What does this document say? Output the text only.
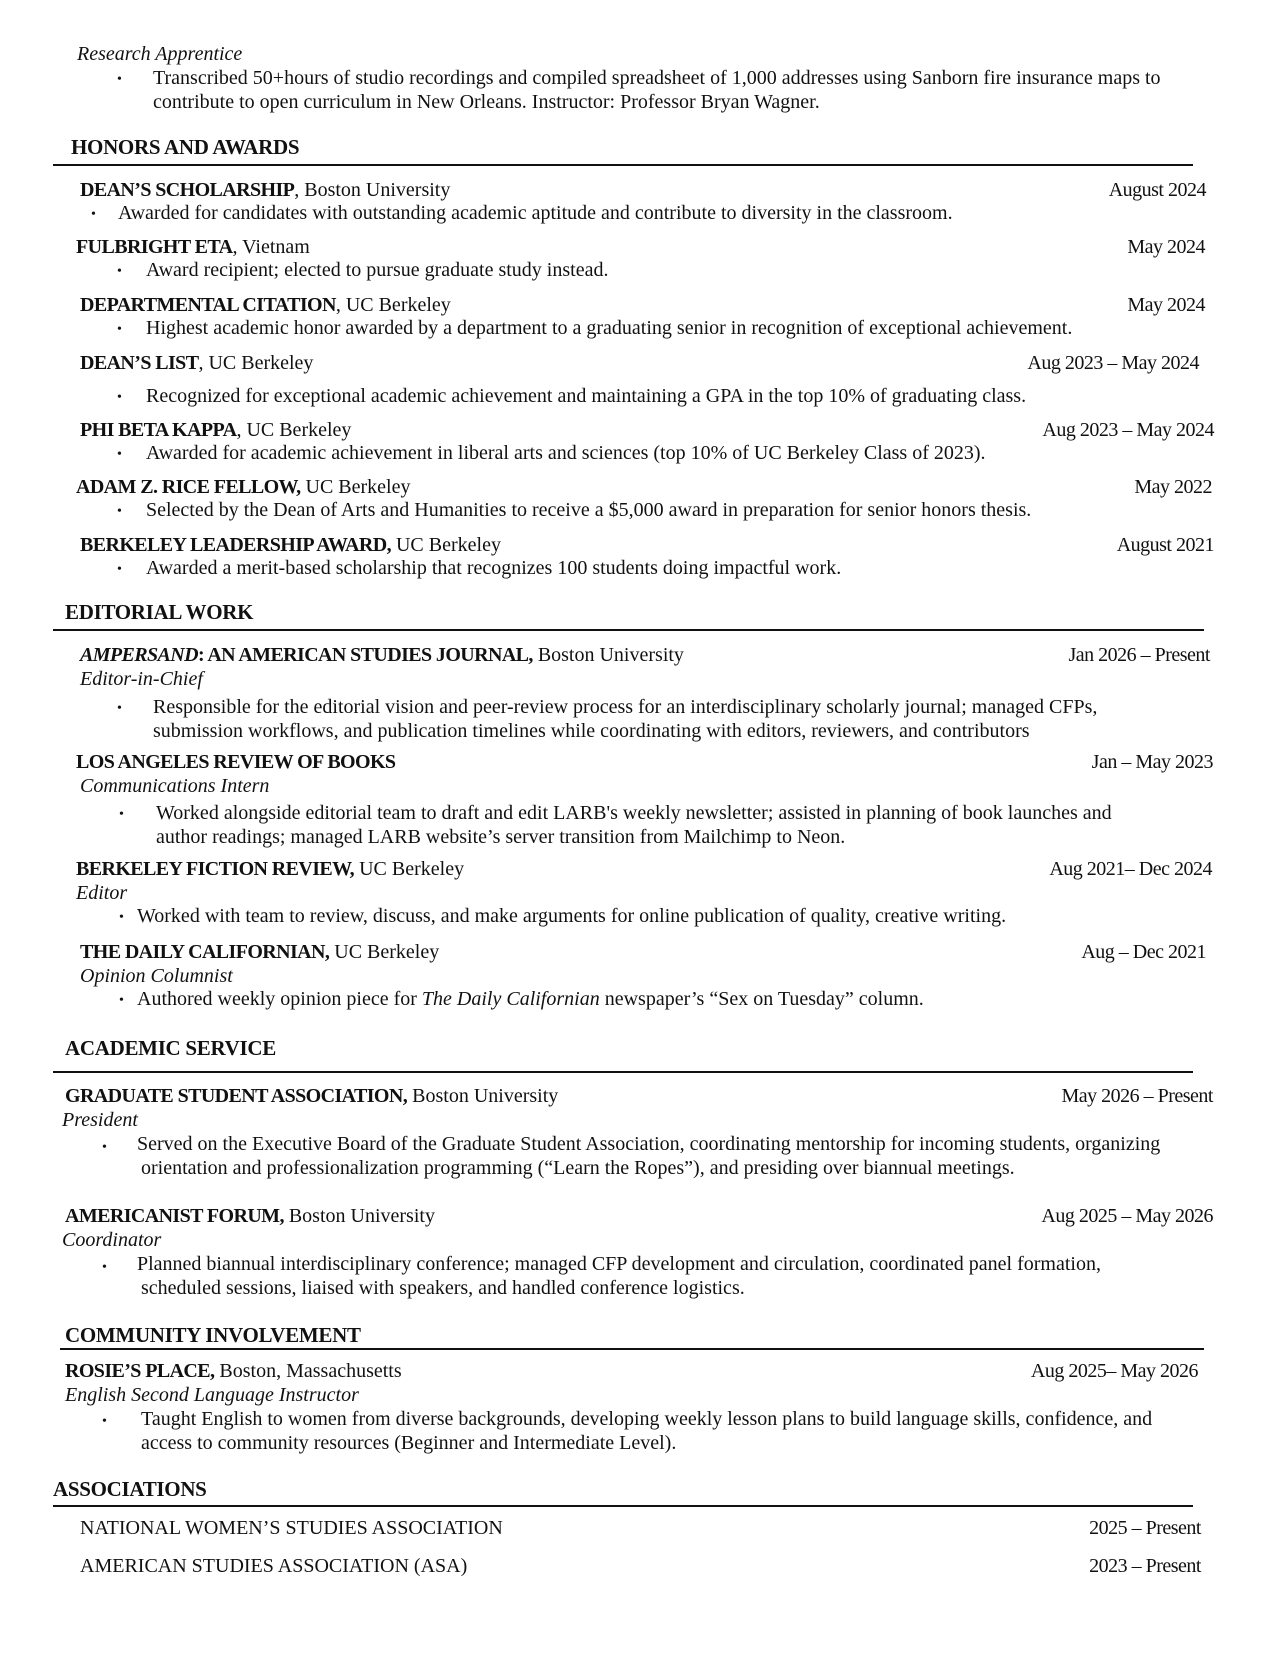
Research Apprentice
• Transcribed 50+hours of studio recordings and compiled spreadsheet of 1,000 addresses using Sanborn fire insurance maps to
contribute to open curriculum in New Orleans. Instructor: Professor Bryan Wagner.
HONORS AND AWARDS
DEAN’S SCHOLARSHIP, Boston University	August 2024
• Awarded for candidates with outstanding academic aptitude and contribute to diversity in the classroom.
FULBRIGHT ETA, Vietnam	May 2024
• Award recipient; elected to pursue graduate study instead.
DEPARTMENTAL CITATION, UC Berkeley	May 2024
• Highest academic honor awarded by a department to a graduating senior in recognition of exceptional achievement.
DEAN’S LIST, UC Berkeley	Aug 2023 – May 2024
• Recognized for exceptional academic achievement and maintaining a GPA in the top 10% of graduating class.
PHI BETA KAPPA, UC Berkeley	Aug 2023 – May 2024
• Awarded for academic achievement in liberal arts and sciences (top 10% of UC Berkeley Class of 2023).
ADAM Z. RICE FELLOW, UC Berkeley	May 2022
• Selected by the Dean of Arts and Humanities to receive a $5,000 award in preparation for senior honors thesis.
BERKELEY LEADERSHIP AWARD, UC Berkeley	August 2021
• Awarded a merit-based scholarship that recognizes 100 students doing impactful work.
EDITORIAL WORK
AMPERSAND: AN AMERICAN STUDIES JOURNAL, Boston University	Jan 2026 – Present
Editor-in-Chief
• Responsible for the editorial vision and peer-review process for an interdisciplinary scholarly journal; managed CFPs,
submission workflows, and publication timelines while coordinating with editors, reviewers, and contributors
LOS ANGELES REVIEW OF BOOKS	Jan – May 2023
Communications Intern
• Worked alongside editorial team to draft and edit LARB's weekly newsletter; assisted in planning of book launches and
author readings; managed LARB website’s server transition from Mailchimp to Neon.
BERKELEY FICTION REVIEW, UC Berkeley	Aug 2021– Dec 2024
Editor
• Worked with team to review, discuss, and make arguments for online publication of quality, creative writing.
THE DAILY CALIFORNIAN, UC Berkeley	Aug – Dec 2021
Opinion Columnist
• Authored weekly opinion piece for The Daily Californian newspaper’s “Sex on Tuesday” column.
ACADEMIC SERVICE
GRADUATE STUDENT ASSOCIATION, Boston University	May 2026 – Present
President
• Served on the Executive Board of the Graduate Student Association, coordinating mentorship for incoming students, organizing
orientation and professionalization programming (“Learn the Ropes”), and presiding over biannual meetings.
AMERICANIST FORUM, Boston University	Aug 2025 – May 2026
Coordinator
• Planned biannual interdisciplinary conference; managed CFP development and circulation, coordinated panel formation,
scheduled sessions, liaised with speakers, and handled conference logistics.
COMMUNITY INVOLVEMENT
ROSIE’S PLACE, Boston, Massachusetts	Aug 2025– May 2026
English Second Language Instructor
• Taught English to women from diverse backgrounds, developing weekly lesson plans to build language skills, confidence, and
access to community resources (Beginner and Intermediate Level).
ASSOCIATIONS
NATIONAL WOMEN’S STUDIES ASSOCIATION	2025 – Present
AMERICAN STUDIES ASSOCIATION (ASA)	2023 – Present
